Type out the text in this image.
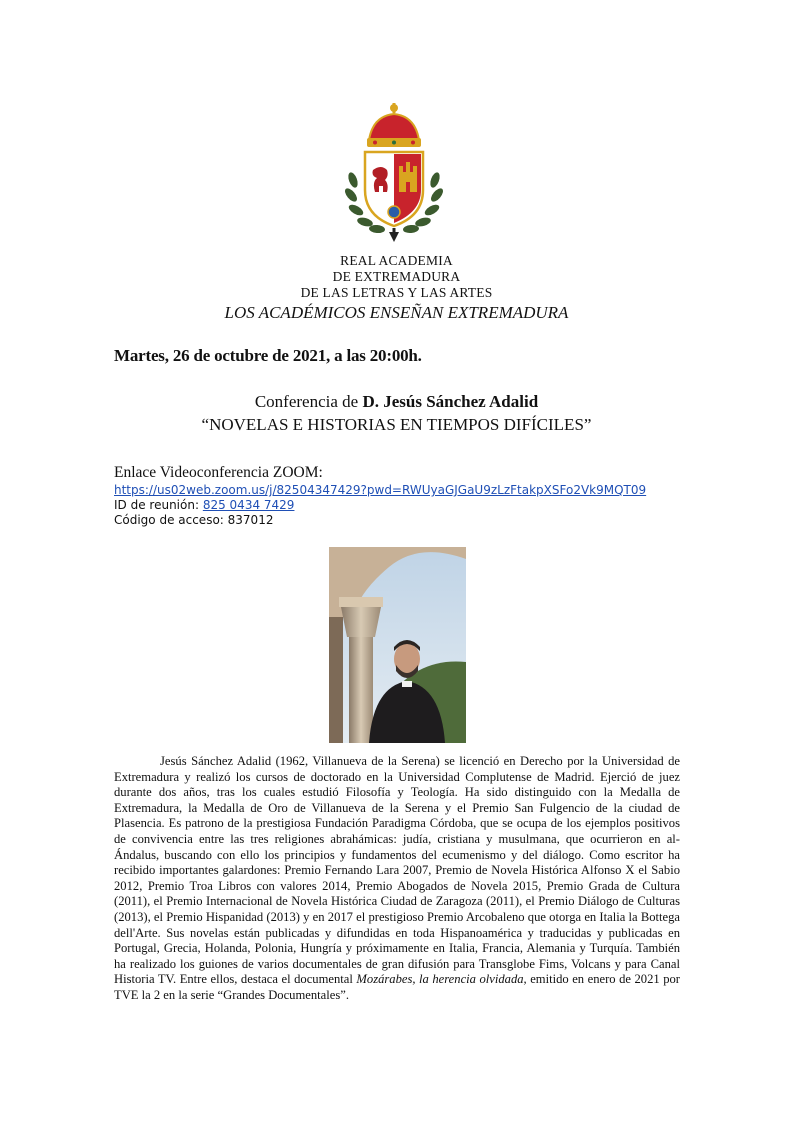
REAL ACADEMIA
DE EXTREMADURA
DE LAS LETRAS Y LAS ARTES
LOS ACADÉMICOS ENSEÑAN EXTREMADURA
Martes, 26 de octubre de 2021, a las 20:00h.
Conferencia de D. Jesús Sánchez Adalid
“NOVELAS E HISTORIAS EN TIEMPOS DIFÍCILES”
Enlace Videoconferencia ZOOM:
https://us02web.zoom.us/j/82504347429?pwd=RWUyaGJGaU9zLzFtakpXSFo2Vk9MQT09
ID de reunión: 825 0434 7429
Código de acceso: 837012

Jesús Sánchez Adalid (1962, Villanueva de la Serena) se licenció en Derecho por la Universidad de Extremadura y realizó los cursos de doctorado en la Universidad Complutense de Madrid. Ejerció de juez durante dos años, tras los cuales estudió Filosofía y Teología. Ha sido distinguido con la Medalla de Extremadura, la Medalla de Oro de Villanueva de la Serena y el Premio San Fulgencio de la ciudad de Plasencia. Es patrono de la prestigiosa Fundación Paradigma Córdoba, que se ocupa de los ejemplos positivos de convivencia entre las tres religiones abrahámicas: judía, cristiana y musulmana, que ocurrieron en al-Ándalus, buscando con ello los principios y fundamentos del ecumenismo y del diálogo. Como escritor ha recibido importantes galardones: Premio Fernando Lara 2007, Premio de Novela Histórica Alfonso X el Sabio 2012, Premio Troa Libros con valores 2014, Premio Abogados de Novela 2015, Premio Grada de Cultura (2011), el Premio Internacional de Novela Histórica Ciudad de Zaragoza (2011), el Premio Diálogo de Culturas (2013), el Premio Hispanidad (2013) y en 2017 el prestigioso Premio Arcobaleno que otorga en Italia la Bottega dell'Arte. Sus novelas están publicadas y difundidas en toda Hispanoamérica y traducidas y publicadas en Portugal, Grecia, Holanda, Polonia, Hungría y próximamente en Italia, Francia, Alemania y Turquía. También ha realizado los guiones de varios documentales de gran difusión para Transglobe Fims, Volcans y para Canal Historia TV. Entre ellos, destaca el documental Mozárabes, la herencia olvidada, emitido en enero de 2021 por TVE la 2 en la serie “Grandes Documentales”.
